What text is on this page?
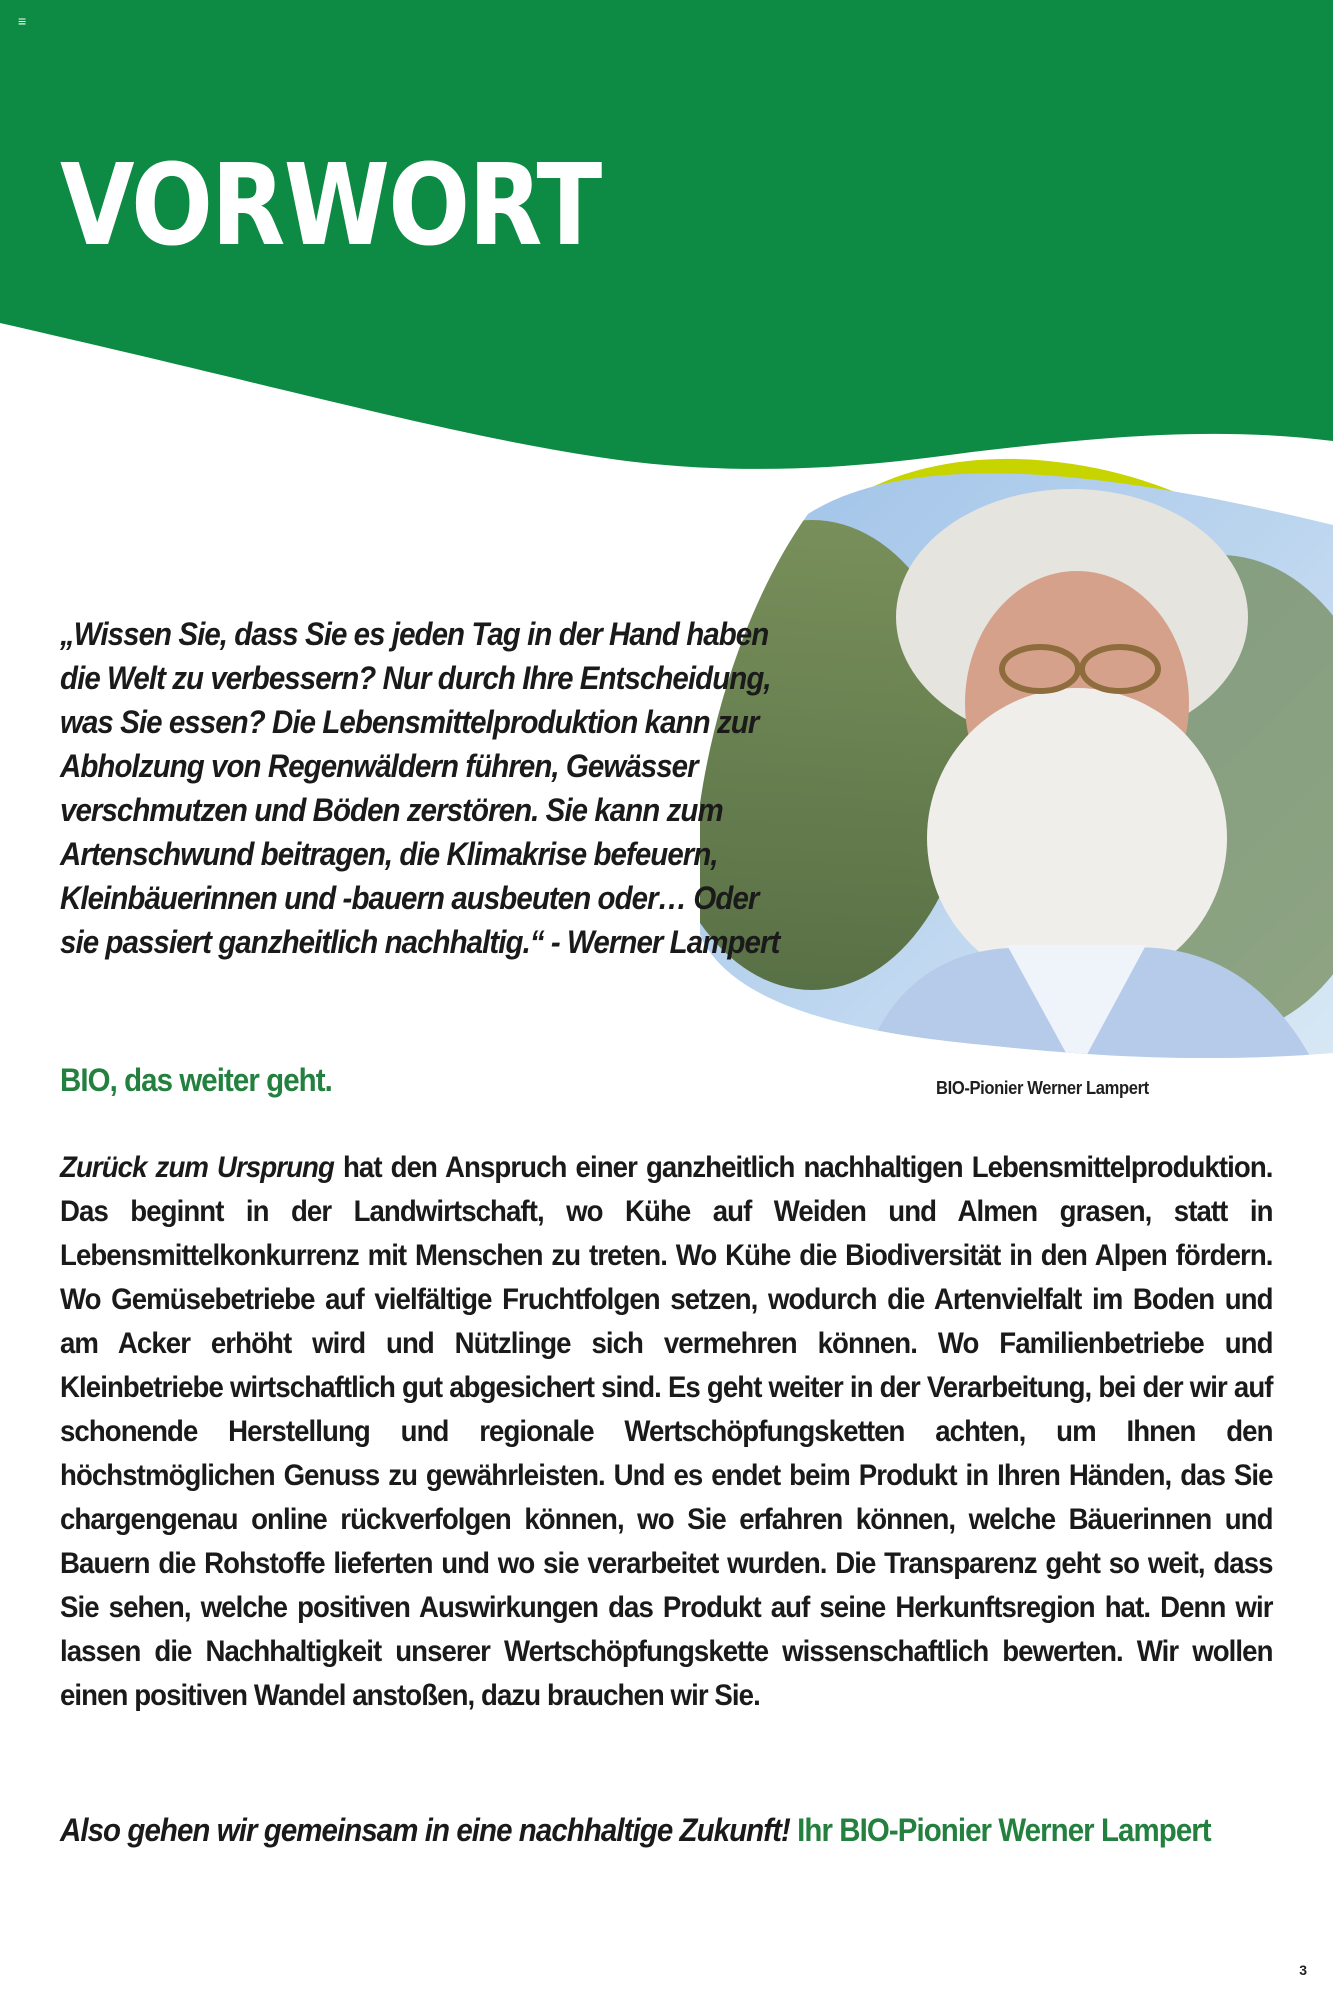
≡
VORWORT

„Wissen Sie, dass Sie es jeden Tag in der Hand haben die Welt zu verbessern? Nur durch Ihre Entscheidung, was Sie essen? Die Lebensmittelproduktion kann zur Abholzung von Regenwäldern führen, Gewässer verschmutzen und Böden zerstören. Sie kann zum Artenschwund beitragen, die Klimakrise befeuern, Kleinbäuerinnen und -bauern ausbeuten oder… Oder sie passiert ganzheitlich nachhaltig.“ - Werner Lampert

BIO, das weiter geht.	BIO-Pionier Werner Lampert

Zurück zum Ursprung hat den Anspruch einer ganzheitlich nachhaltigen Lebensmittelproduktion. Das beginnt in der Landwirtschaft, wo Kühe auf Weiden und Almen grasen, statt in Lebensmittelkonkurrenz mit Menschen zu treten. Wo Kühe die Biodiversität in den Alpen fördern. Wo Gemüsebetriebe auf vielfältige Fruchtfolgen setzen, wodurch die Artenvielfalt im Boden und am Acker erhöht wird und Nützlinge sich vermehren können. Wo Familienbetriebe und Kleinbetriebe wirtschaftlich gut abgesichert sind. Es geht weiter in der Verarbeitung, bei der wir auf schonende Herstellung und regionale Wertschöpfungsketten achten, um Ihnen den höchstmöglichen Genuss zu gewährleisten. Und es endet beim Produkt in Ihren Händen, das Sie chargengenau online rückverfolgen können, wo Sie erfahren können, welche Bäuerinnen und Bauern die Rohstoffe lieferten und wo sie verarbeitet wurden. Die Transparenz geht so weit, dass Sie sehen, welche positiven Auswirkungen das Produkt auf seine Herkunftsregion hat. Denn wir lassen die Nachhaltigkeit unserer Wertschöpfungskette wissenschaftlich bewerten. Wir wollen einen positiven Wandel anstoßen, dazu brauchen wir Sie.

Also gehen wir gemeinsam in eine nachhaltige Zukunft! Ihr BIO-Pionier Werner Lampert

3
